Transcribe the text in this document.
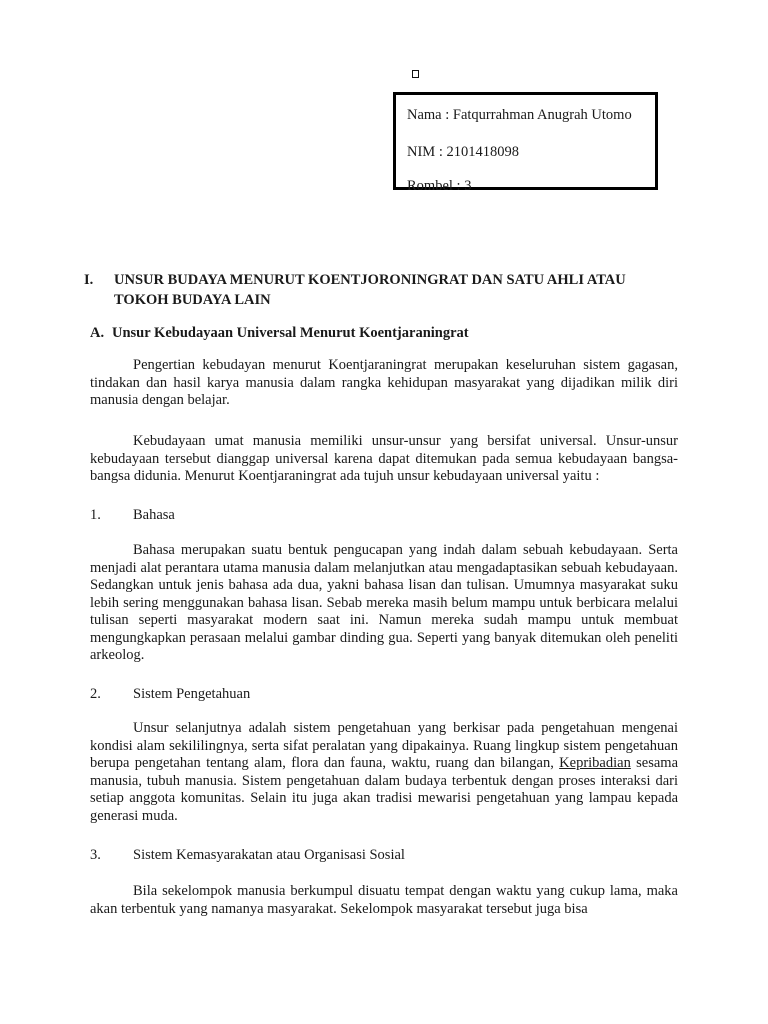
Nama : Fatqurrahman Anugrah Utomo
NIM : 2101418098
Rombel : 3
I. UNSUR BUDAYA MENURUT KOENTJORONINGRAT DAN SATU AHLI ATAU TOKOH BUDAYA LAIN
A. Unsur Kebudayaan Universal Menurut Koentjaraningrat

Pengertian kebudayan menurut Koentjaraningrat merupakan keseluruhan sistem gagasan, tindakan dan hasil karya manusia dalam rangka kehidupan masyarakat yang dijadikan milik diri manusia dengan belajar.

Kebudayaan umat manusia memiliki unsur-unsur yang bersifat universal. Unsur-unsur kebudayaan tersebut dianggap universal karena dapat ditemukan pada semua kebudayaan bangsa-bangsa didunia. Menurut Koentjaraningrat ada tujuh unsur kebudayaan universal yaitu :

1. Bahasa

Bahasa merupakan suatu bentuk pengucapan yang indah dalam sebuah kebudayaan. Serta menjadi alat perantara utama manusia dalam melanjutkan atau mengadaptasikan sebuah kebudayaan. Sedangkan untuk jenis bahasa ada dua, yakni bahasa lisan dan tulisan. Umumnya masyarakat suku lebih sering menggunakan bahasa lisan. Sebab mereka masih belum mampu untuk berbicara melalui tulisan seperti masyarakat modern saat ini. Namun mereka sudah mampu untuk membuat mengungkapkan perasaan melalui gambar dinding gua. Seperti yang banyak ditemukan oleh peneliti arkeolog.

2. Sistem Pengetahuan

Unsur selanjutnya adalah sistem pengetahuan yang berkisar pada pengetahuan mengenai kondisi alam sekililingnya, serta sifat peralatan yang dipakainya. Ruang lingkup sistem pengetahuan berupa pengetahan tentang alam, flora dan fauna, waktu, ruang dan bilangan, Kepribadian sesama manusia, tubuh manusia. Sistem pengetahuan dalam budaya terbentuk dengan proses interaksi dari setiap anggota komunitas. Selain itu juga akan tradisi mewarisi pengetahuan yang lampau kepada generasi muda.

3. Sistem Kemasyarakatan atau Organisasi Sosial

Bila sekelompok manusia berkumpul disuatu tempat dengan waktu yang cukup lama, maka akan terbentuk yang namanya masyarakat. Sekelompok masyarakat tersebut juga bisa
